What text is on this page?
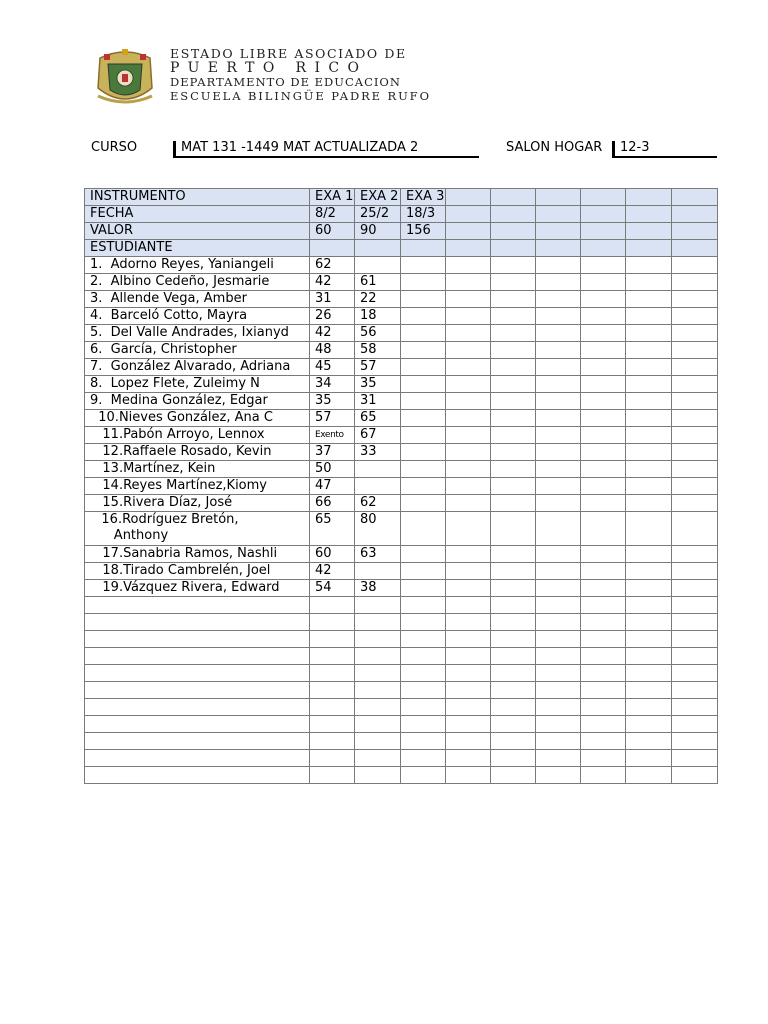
ESTADO LIBRE ASOCIADO DE
PUERTO RICO
DEPARTAMENTO DE EDUCACION
ESCUELA BILINGÜE PADRE RUFO
CURSO	MAT 131 -1449 MAT ACTUALIZADA 2	SALON HOGAR 12-3
INSTRUMENTO	EXA 1	EXA 2	EXA 3						
FECHA	8/2	25/2	18/3						
VALOR	60	90	156						
ESTUDIANTE									
1.  Adorno Reyes, Yaniangeli	62								
2.  Albino Cedeño, Jesmarie	42	61							
3.  Allende Vega, Amber	31	22							
4.  Barceló Cotto, Mayra	26	18							
5.  Del Valle Andrades, Ixianyd	42	56							
6.  García, Christopher	48	58							
7.  González Alvarado, Adriana	45	57							
8.  Lopez Flete, Zuleimy N	34	35							
9.  Medina González, Edgar	35	31							
10.Nieves González, Ana C	57	65							
11.Pabón Arroyo, Lennox	Exento	67							
12.Raffaele Rosado, Kevin	37	33							
13.Martínez, Kein	50								
14.Reyes Martínez,Kiomy	47								
15.Rivera Díaz, José	66	62							
16.Rodríguez Bretón,
Anthony	65	80							
17.Sanabria Ramos, Nashli	60	63							
18.Tirado Cambrelén, Joel	42								
19.Vázquez Rivera, Edward	54	38							
